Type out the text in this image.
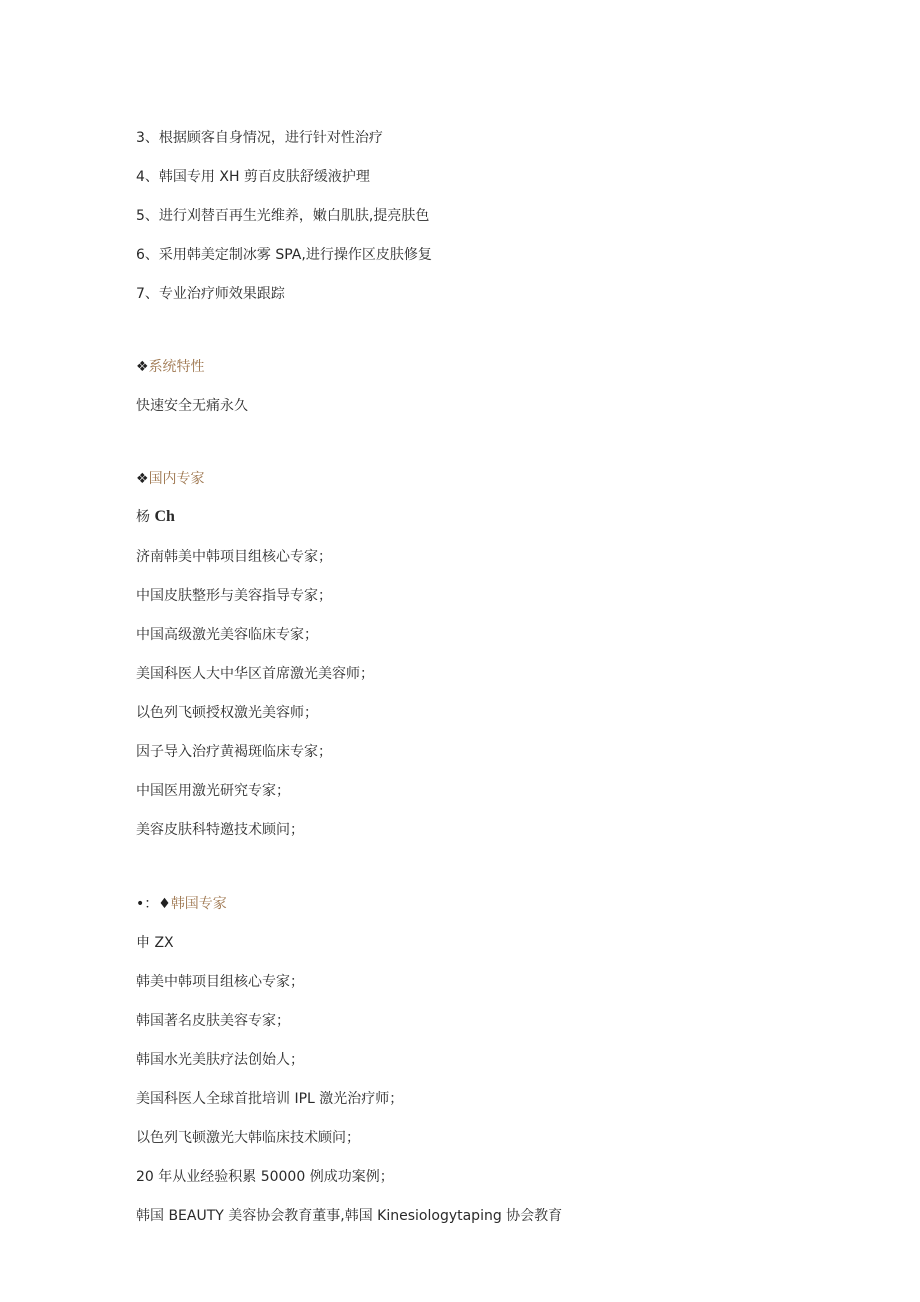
3、根据顾客自身情况，进行针对性治疗
4、韩国专用 XH 剪百皮肤舒缓液护理
5、进行刈替百再生光维养，嫩白肌肤,提亮肤色
6、采用韩美定制冰雾 SPA,进行操作区皮肤修复
7、专业治疗师效果跟踪
❖系统特性
快速安全无痛永久
❖国内专家
杨 Ch
济南韩美中韩项目组核心专家；
中国皮肤整形与美容指导专家；
中国高级激光美容临床专家；
美国科医人大中华区首席激光美容师；
以色列飞顿授权激光美容师；
因子导入治疗黄褐斑临床专家；
中国医用激光研究专家；
美容皮肤科特邀技术顾问；
•：♦韩国专家
申 ZX
韩美中韩项目组核心专家；
韩国著名皮肤美容专家；
韩国水光美肤疗法创始人；
美国科医人全球首批培训 IPL 激光治疗师；
以色列飞顿激光大韩临床技术顾问；
20 年从业经验积累 50000 例成功案例；
韩国 BEAUTY 美容协会教育董事,韩国 Kinesiologytaping 协会教育
